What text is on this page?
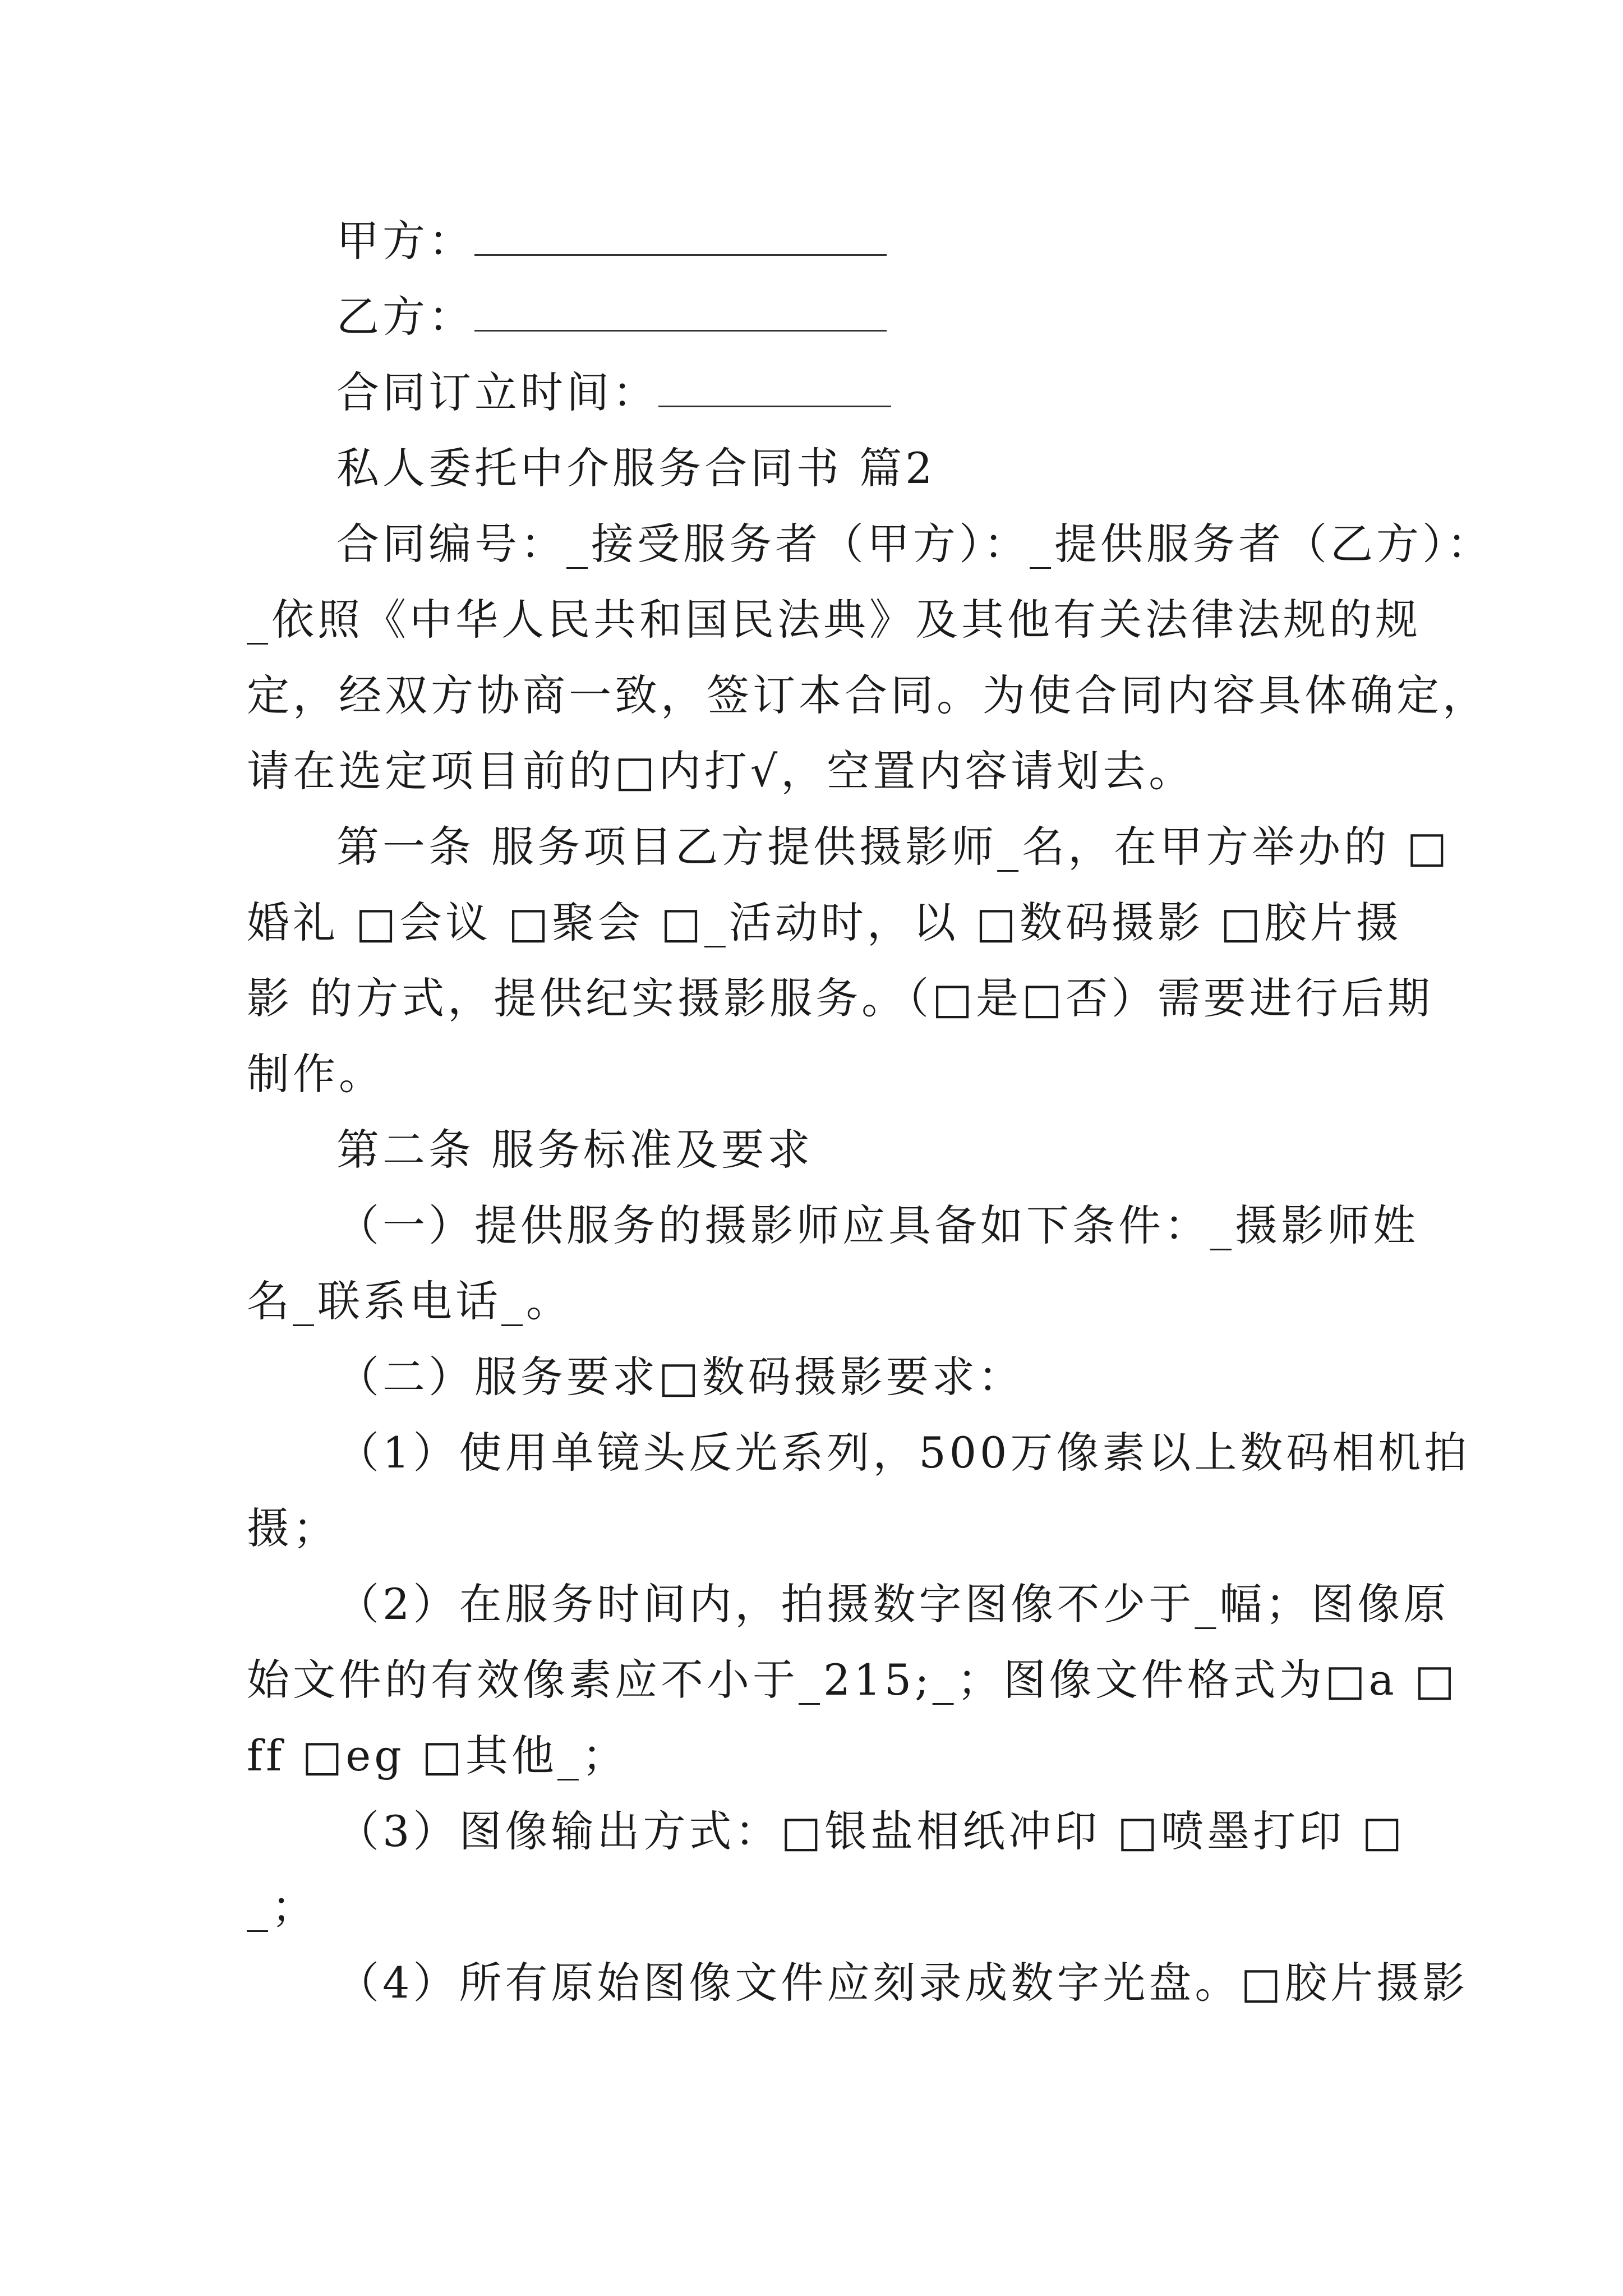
甲方：
乙方：
合同订立时间：
私人委托中介服务合同书 篇2
合同编号：_接受服务者（甲方）：_提供服务者（乙方）：
_依照《中华人民共和国民法典》及其他有关法律法规的规
定，经双方协商一致，签订本合同。为使合同内容具体确定，
请在选定项目前的□内打√，空置内容请划去。
第一条 服务项目乙方提供摄影师_名，在甲方举办的 □
婚礼 □会议 □聚会 □_活动时，以 □数码摄影 □胶片摄
影 的方式，提供纪实摄影服务。（□是□否）需要进行后期
制作。
第二条 服务标准及要求
（一）提供服务的摄影师应具备如下条件：_摄影师姓
名_联系电话_。
（二）服务要求□数码摄影要求：
（1）使用单镜头反光系列，500万像素以上数码相机拍
摄；
（2）在服务时间内，拍摄数字图像不少于_幅；图像原
始文件的有效像素应不小于_215;_；图像文件格式为□a □
ff □eg □其他_；
（3）图像输出方式：□银盐相纸冲印 □喷墨打印 □
_；
（4）所有原始图像文件应刻录成数字光盘。□胶片摄影
